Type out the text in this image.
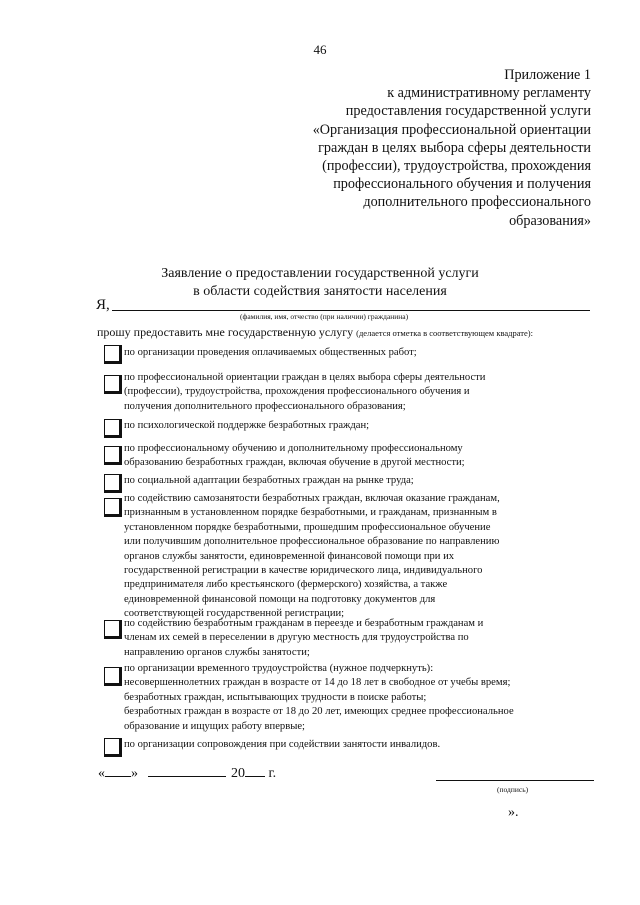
46
Приложение 1
к административному регламенту
предоставления государственной услуги
«Организация профессиональной ориентации
граждан в целях выбора сферы деятельности
(профессии), трудоустройства, прохождения
профессионального обучения и получения
дополнительного профессионального
образования»
Заявление о предоставлении государственной услуги
в области содействия занятости населения
Я,
(фамилия, имя, отчество (при наличии) гражданина)
прошу предоставить мне государственную услугу (делается отметка в соответствующем квадрате):
по организации проведения оплачиваемых общественных работ;
по профессиональной ориентации граждан в целях выбора сферы деятельности
(профессии), трудоустройства, прохождения профессионального обучения и
получения дополнительного профессионального образования;
по психологической поддержке безработных граждан;
по профессиональному обучению и дополнительному профессиональному
образованию безработных граждан, включая обучение в другой местности;
по социальной адаптации безработных граждан на рынке труда;
по содействию самозанятости безработных граждан, включая оказание гражданам,
признанным в установленном порядке безработными, и гражданам, признанным в
установленном порядке безработными, прошедшим профессиональное обучение
или получившим дополнительное профессиональное образование по направлению
органов службы занятости, единовременной финансовой помощи при их
государственной регистрации в качестве юридического лица, индивидуального
предпринимателя либо крестьянского (фермерского) хозяйства, а также
единовременной финансовой помощи на подготовку документов для
соответствующей государственной регистрации;
по содействию безработным гражданам в переезде и безработным гражданам и
членам их семей в переселении в другую местность для трудоустройства по
направлению органов службы занятости;
по организации временного трудоустройства (нужное подчеркнуть):
несовершеннолетних граждан в возрасте от 14 до 18 лет в свободное от учебы время;
безработных граждан, испытывающих трудности в поиске работы;
безработных граждан в возрасте от 18 до 20 лет, имеющих среднее профессиональное
образование и ищущих работу впервые;
по организации сопровождения при содействии занятости инвалидов.
« »	20 г.
(подпись)
».
